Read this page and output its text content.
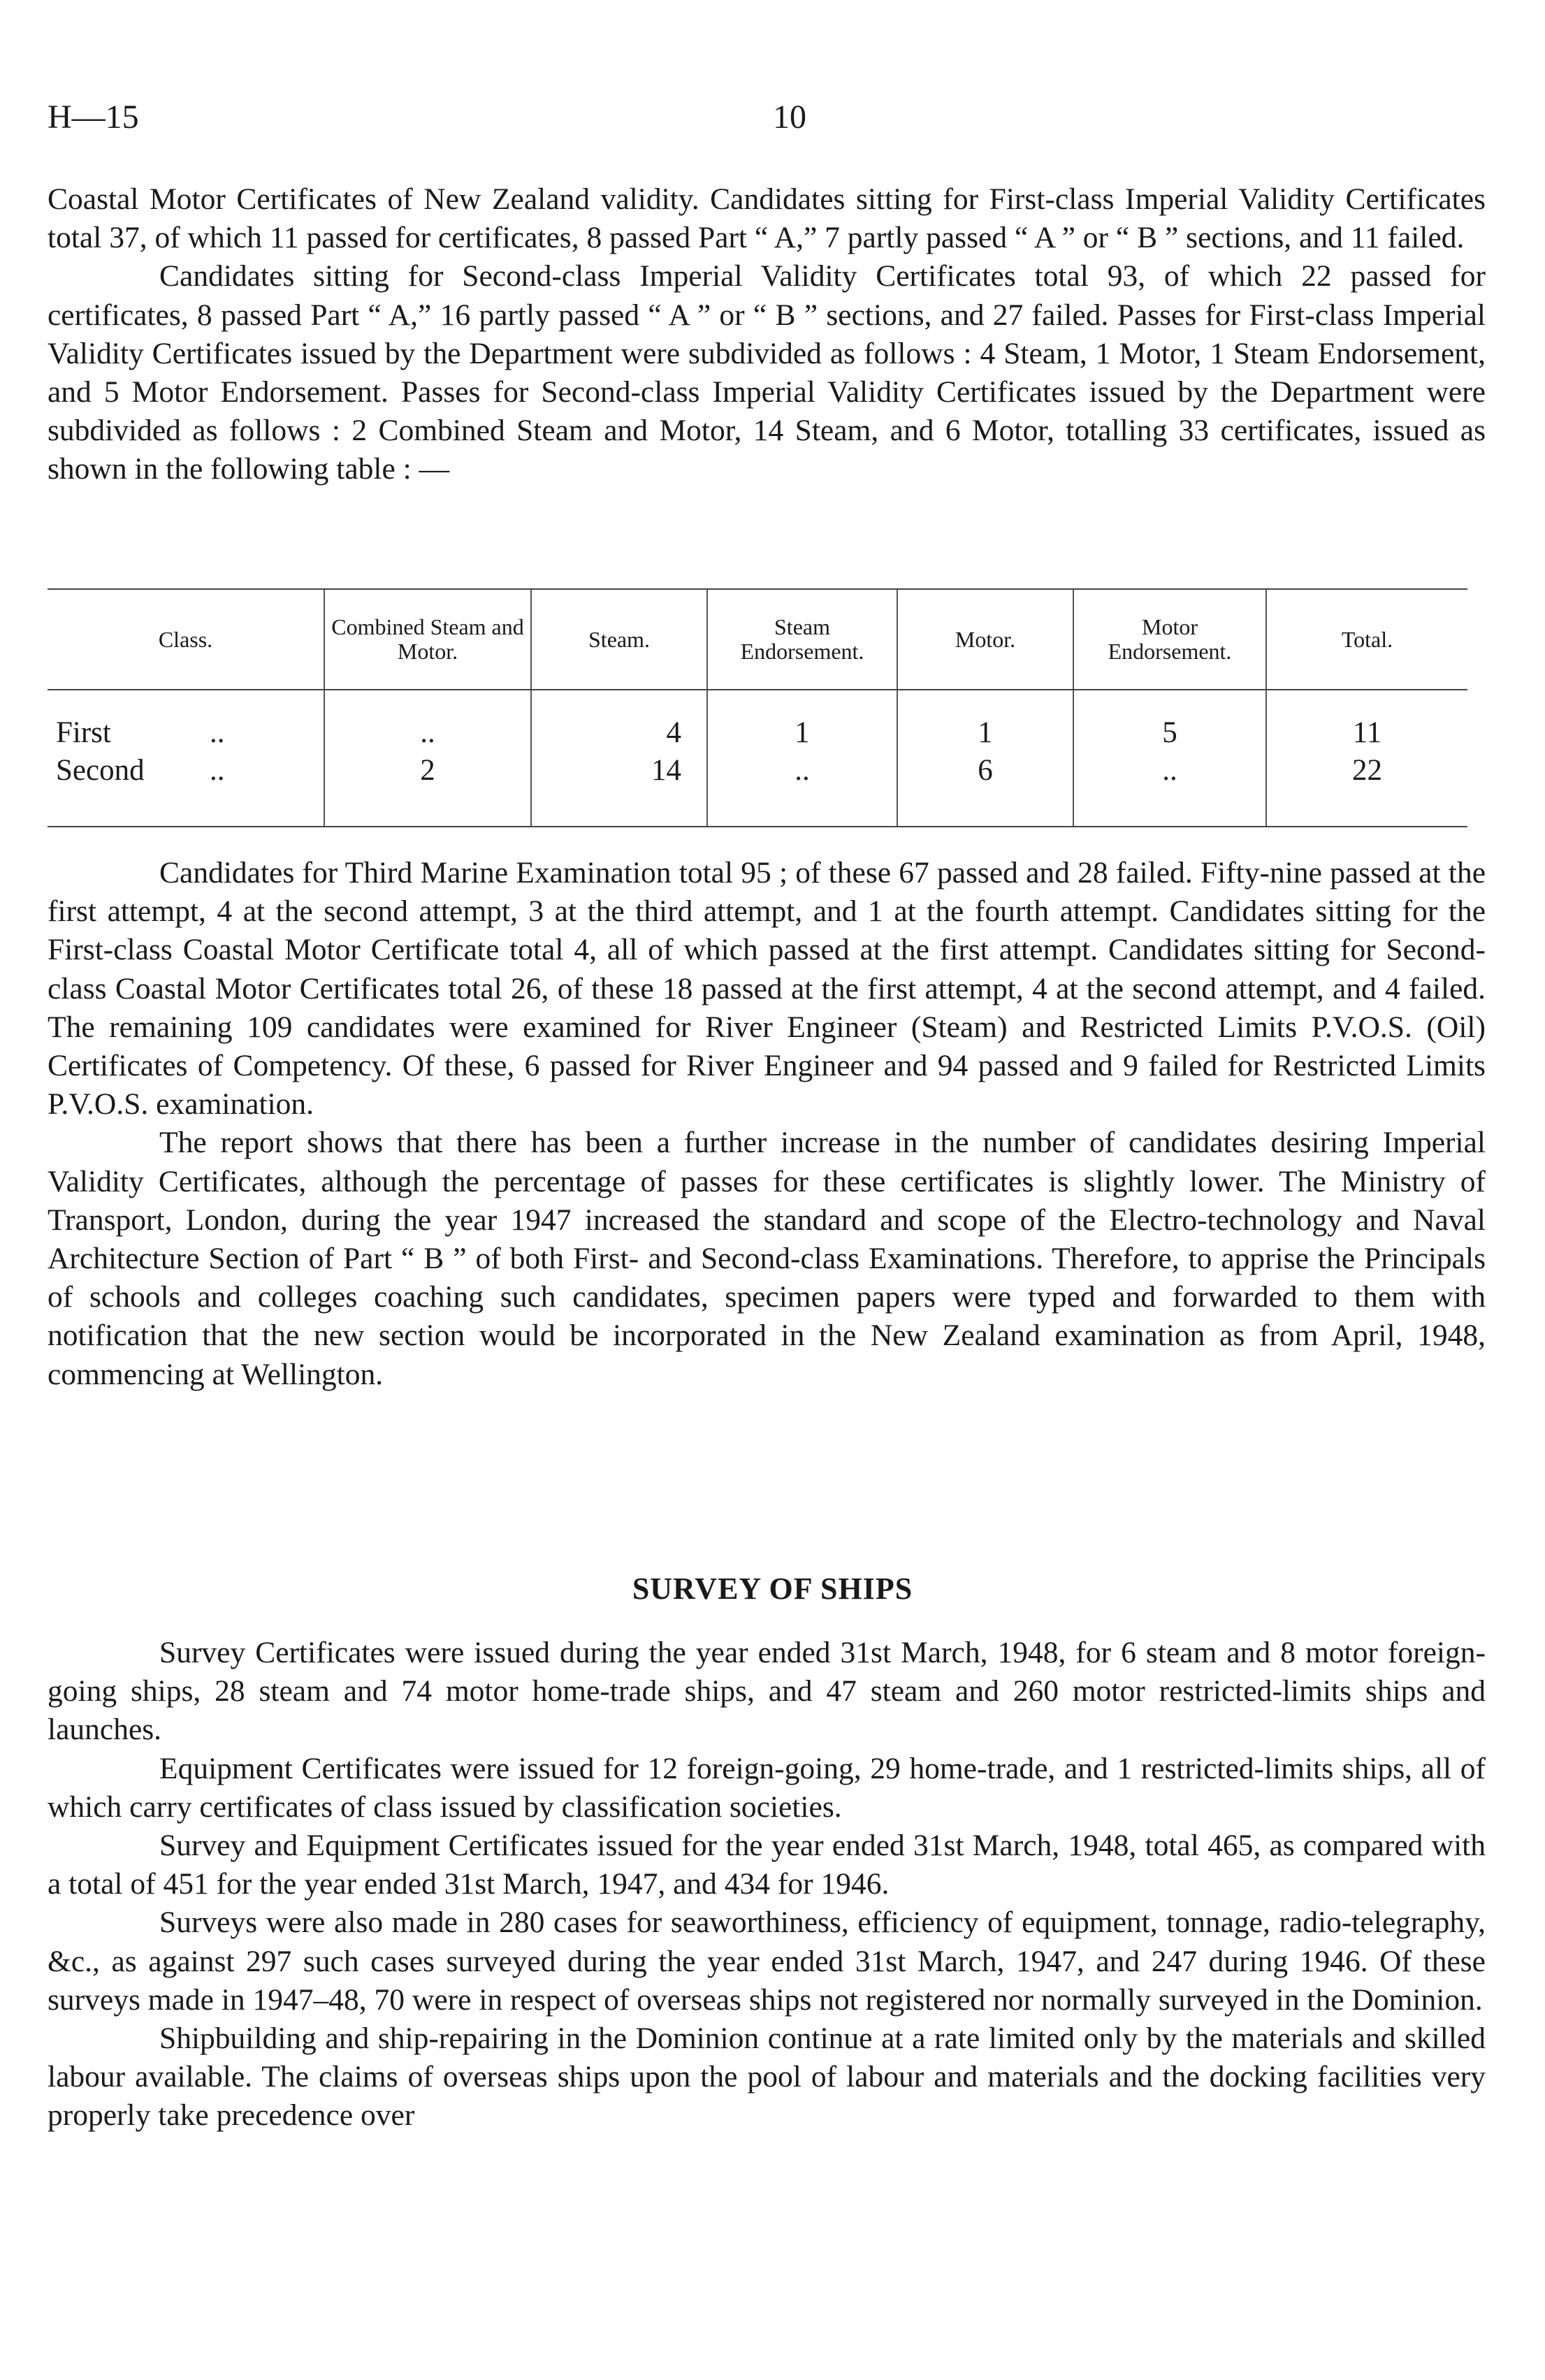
H—15	10

Coastal Motor Certificates of New Zealand validity. Candidates sitting for First-class Imperial Validity Certificates total 37, of which 11 passed for certificates, 8 passed Part “ A,” 7 partly passed “ A ” or “ B ” sections, and 11 failed.

Candidates sitting for Second-class Imperial Validity Certificates total 93, of which 22 passed for certificates, 8 passed Part “ A,” 16 partly passed “ A ” or “ B ” sections, and 27 failed. Passes for First-class Imperial Validity Certificates issued by the Department were subdivided as follows : 4 Steam, 1 Motor, 1 Steam Endorsement, and 5 Motor Endorsement. Passes for Second-class Imperial Validity Certificates issued by the Department were subdivided as follows : 2 Combined Steam and Motor, 14 Steam, and 6 Motor, totalling 33 certificates, issued as shown in the following table : —

Class.	Combined Steam and Motor.	Steam.	Steam Endorsement.	Motor.	Motor Endorsement.	Total.

First ..	..	4	1	1	5	11
Second ..	2	14	..	6	..	22

Candidates for Third Marine Examination total 95 ; of these 67 passed and 28 failed. Fifty-nine passed at the first attempt, 4 at the second attempt, 3 at the third attempt, and 1 at the fourth attempt. Candidates sitting for the First-class Coastal Motor Certificate total 4, all of which passed at the first attempt. Candidates sitting for Second-class Coastal Motor Certificates total 26, of these 18 passed at the first attempt, 4 at the second attempt, and 4 failed. The remaining 109 candidates were examined for River Engineer (Steam) and Restricted Limits P.V.O.S. (Oil) Certificates of Competency. Of these, 6 passed for River Engineer and 94 passed and 9 failed for Restricted Limits P.V.O.S. examination.

The report shows that there has been a further increase in the number of candidates desiring Imperial Validity Certificates, although the percentage of passes for these certificates is slightly lower. The Ministry of Transport, London, during the year 1947 increased the standard and scope of the Electro-technology and Naval Architecture Section of Part “ B ” of both First- and Second-class Examinations. Therefore, to apprise the Principals of schools and colleges coaching such candidates, specimen papers were typed and forwarded to them with notification that the new section would be incorporated in the New Zealand examination as from April, 1948, commencing at Wellington.

SURVEY OF SHIPS

Survey Certificates were issued during the year ended 31st March, 1948, for 6 steam and 8 motor foreign-going ships, 28 steam and 74 motor home-trade ships, and 47 steam and 260 motor restricted-limits ships and launches.

Equipment Certificates were issued for 12 foreign-going, 29 home-trade, and 1 restricted-limits ships, all of which carry certificates of class issued by classification societies.

Survey and Equipment Certificates issued for the year ended 31st March, 1948, total 465, as compared with a total of 451 for the year ended 31st March, 1947, and 434 for 1946.

Surveys were also made in 280 cases for seaworthiness, efficiency of equipment, tonnage, radio-telegraphy, &c., as against 297 such cases surveyed during the year ended 31st March, 1947, and 247 during 1946. Of these surveys made in 1947–48, 70 were in respect of overseas ships not registered nor normally surveyed in the Dominion.

Shipbuilding and ship-repairing in the Dominion continue at a rate limited only by the materials and skilled labour available. The claims of overseas ships upon the pool of labour and materials and the docking facilities very properly take precedence over
